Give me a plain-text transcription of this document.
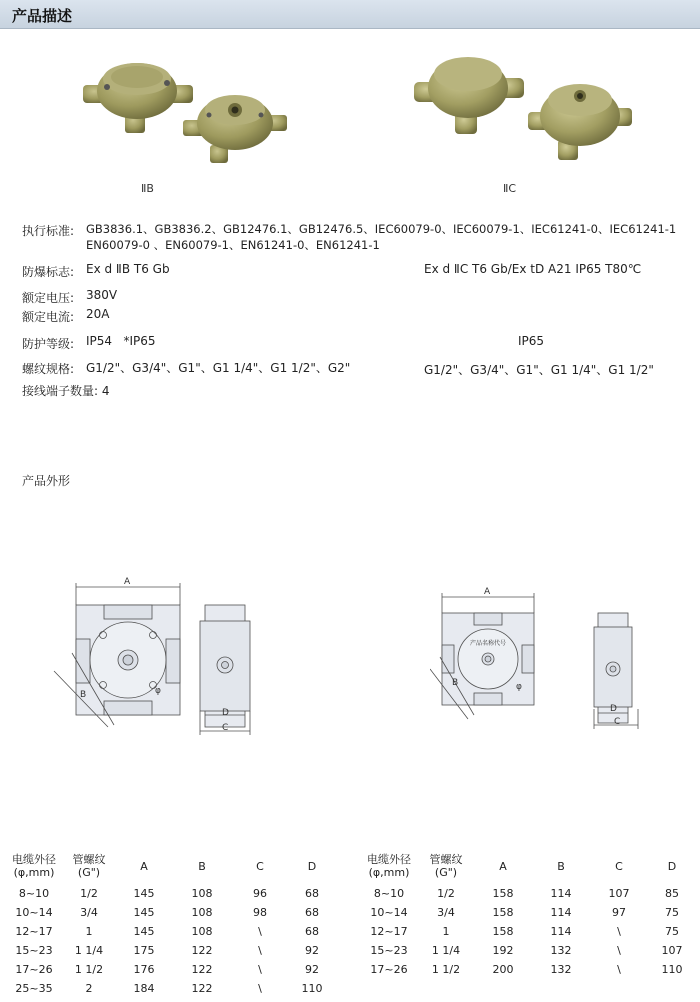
产品描述
ⅡB	ⅡC
执行标准: GB3836.1、GB3836.2、GB12476.1、GB12476.5、IEC60079-0、IEC60079-1、IEC61241-0、IEC61241-1
EN60079-0 、EN60079-1、EN61241-0、EN61241-1
防爆标志: Ex d ⅡB T6 Gb	Ex d ⅡC T6 Gb/Ex tD A21 IP65 T80℃
额定电压: 380V
额定电流: 20A
防护等级: IP54   *IP65	IP65
螺纹规格: G1/2"、G3/4"、G1"、G1 1/4"、G1 1/2"、G2"	G1/2"、G3/4"、G1"、G1 1/4"、G1 1/2"
接线端子数量: 4
产品外形
A
B	φ
D
C
A
B	φ
产品名称代号
D
C
电缆外径
(φ,mm)	管螺纹
(G")	A	B	C	D
8~10	1/2	145	108	96	68
10~14	3/4	145	108	98	68
12~17	1	145	108	\	68
15~23	1 1/4	175	122	\	92
17~26	1 1/2	176	122	\	92
25~35	2	184	122	\	110
电缆外径
(φ,mm)	管螺纹
(G")	A	B	C	D
8~10	1/2	158	114	107	85
10~14	3/4	158	114	97	75
12~17	1	158	114	\	75
15~23	1 1/4	192	132	\	107
17~26	1 1/2	200	132	\	110
